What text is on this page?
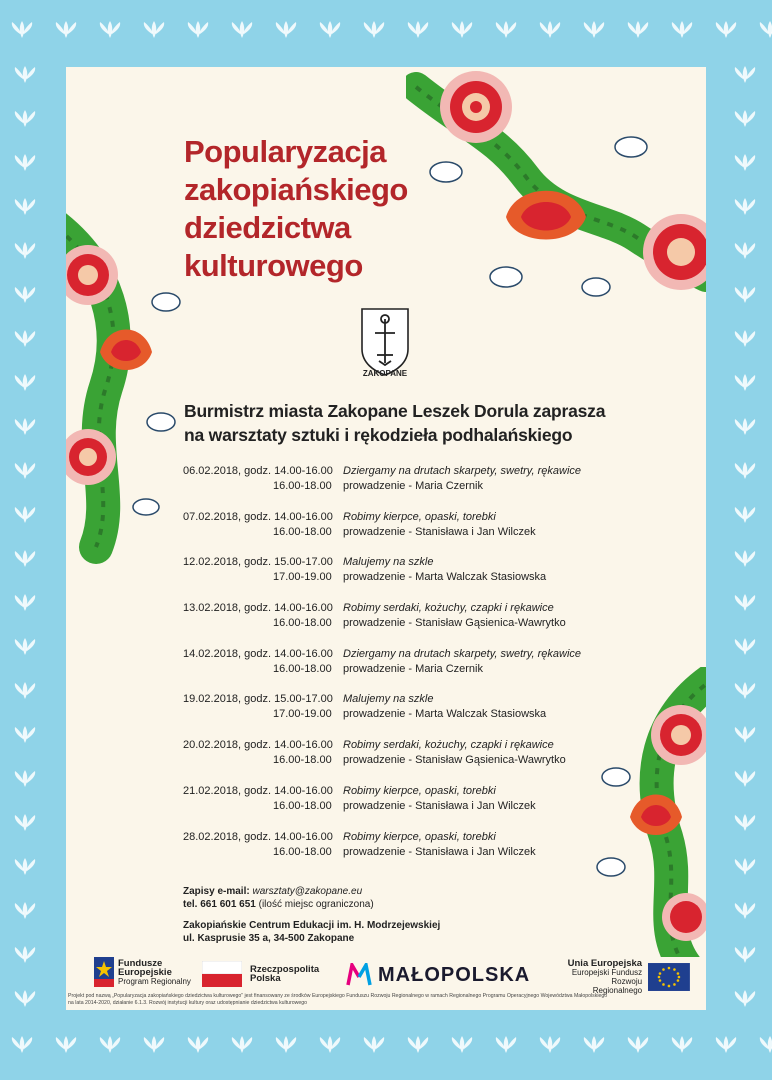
Popularyzacja
zakopiańskiego
dziedzictwa
kulturowego
ZAKOPANE
Burmistrz miasta Zakopane Leszek Dorula zaprasza
na warsztaty sztuki i rękodzieła podhalańskiego
06.02.2018, godz. 14.00-16.00 Dziergamy na drutach skarpety, swetry, rękawice
16.00-18.00	prowadzenie - Maria Czernik
07.02.2018, godz. 14.00-16.00 Robimy kierpce, opaski, torebki
16.00-18.00	prowadzenie - Stanisława i Jan Wilczek
12.02.2018, godz. 15.00-17.00 Malujemy na szkle
17.00-19.00	prowadzenie - Marta Walczak Stasiowska
13.02.2018, godz. 14.00-16.00 Robimy serdaki, kożuchy, czapki i rękawice
16.00-18.00	prowadzenie - Stanisław Gąsienica-Wawrytko
14.02.2018, godz. 14.00-16.00 Dziergamy na drutach skarpety, swetry, rękawice
16.00-18.00	prowadzenie - Maria Czernik
19.02.2018, godz. 15.00-17.00 Malujemy na szkle
17.00-19.00	prowadzenie - Marta Walczak Stasiowska
20.02.2018, godz. 14.00-16.00 Robimy serdaki, kożuchy, czapki i rękawice
16.00-18.00	prowadzenie - Stanisław Gąsienica-Wawrytko
21.02.2018, godz. 14.00-16.00 Robimy kierpce, opaski, torebki
16.00-18.00	prowadzenie - Stanisława i Jan Wilczek
28.02.2018, godz. 14.00-16.00 Robimy kierpce, opaski, torebki
16.00-18.00	prowadzenie - Stanisława i Jan Wilczek
Zapisy e-mail: warsztaty@zakopane.eu
tel. 661 601 651 (ilość miejsc ograniczona)
Zakopiańskie Centrum Edukacji im. H. Modrzejewskiej
ul. Kasprusie 35 a, 34-500 Zakopane
Fundusze
Europejskie
Program Regionalny
Rzeczpospolita
Polska	MAŁOPOLSKA	Unia Europejska
Europejski Fundusz
Rozwoju Regionalnego
Projekt pod nazwą „Popularyzacja zakopiańskiego dziedzictwa kulturowego” jest finansowany ze środków Europejskiego Funduszu Rozwoju Regionalnego w ramach Regionalnego Programu Operacyjnego Województwa Małopolskiego
na lata 2014-2020, działanie 6.1.3. Rozwój instytucji kultury oraz udostępnianie dziedzictwa kulturowego
